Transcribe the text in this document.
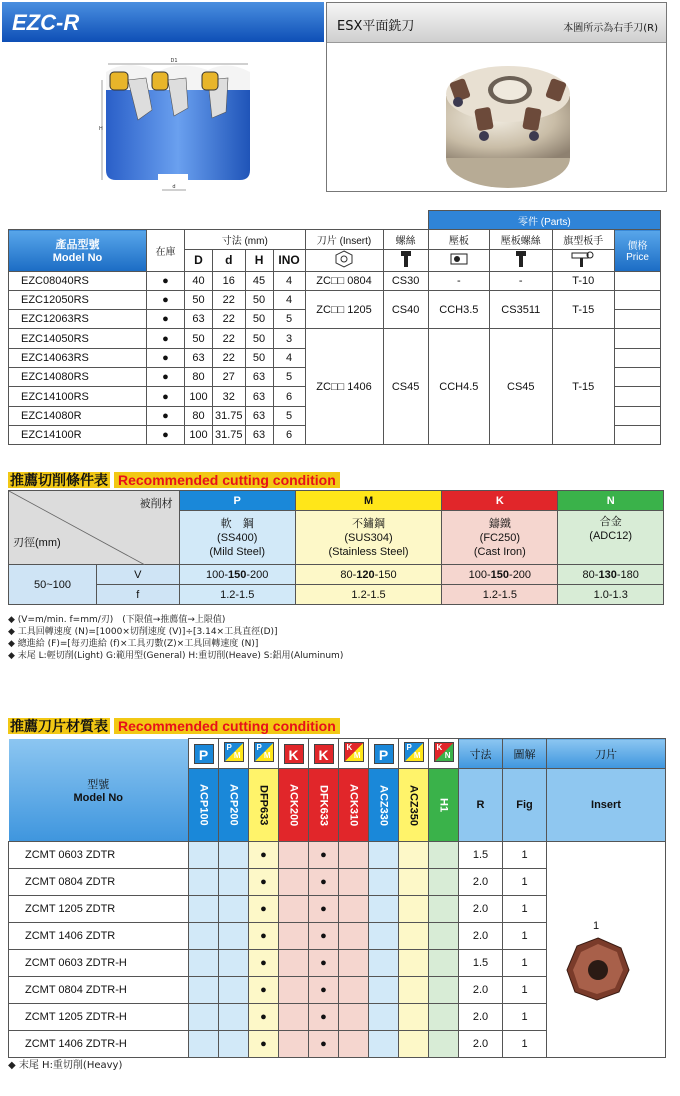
EZC-R	ESX平面銑刀	本圖所示為右手刀(R)
D1
H
d
								零件 (Parts)				
產品型號
Model No	在庫	寸法 (mm)				刀片 (Insert)	螺絲	壓板	壓板螺絲	旗型板手	價格
Price	
		D	d	H	INO					
EZC08040RS	●	40	16	45	4	ZC□□ 0804	CS30	-	-	T-10		
EZC12050RS	●	50	22	50	4	ZC□□ 1205	CS40	CCH3.5	CS3511	T-15		
EZC12063RS	●	63	22	50	5							
EZC14050RS	●	50	22	50	3	ZC□□ 1406	CS45	CCH4.5	CS45	T-15		
EZC14063RS	●	63	22	50	4							
EZC14080RS	●	80	27	63	5							
EZC14100RS	●	100	32	63	6							
EZC14080R	●	80	31.75	63	5							
EZC14100R	●	100	31.75	63	6							
推薦切削條件表 Recommended cutting condition
被削材
刃徑(mm)		P	M	K	N
		軟　鋼
(SS400)
(Mild Steel)	不鏽鋼
(SUS304)
(Stainless Steel)	鑄鐵
(FC250)
(Cast Iron)	合金
(ADC12)

50~100	V	100-150-200	80-120-150	100-150-200	80-130-180
	f	1.2-1.5	1.2-1.5	1.2-1.5	1.0-1.3
◆ (V=m/min. f=mm/刃)　(下限值→推薦值→上限值)
◆ 工具回轉速度 (N)=[1000×切削速度 (V)]÷[3.14×工具直徑(D)]
◆ 總進給 (F)=[每刃進給 (f)×工具刃數(Z)×工具回轉速度 (N)]
◆ 末尾 L:輕切削(Light) G:範用型(General) H:重切削(Heave) S:鋁用(Aluminum)
推薦刀片材質表 Recommended cutting condition
型號
Model No	P	P
M	P
M	K	K	K
M	P	P
M	K
N	寸法	圖解	刀片

	ACP100	ACP200	DFP633	ACK200	DFK633	ACK310	ACZ330	ACZ350	H1	R	Fig	Insert
ZCMT 0603 ZDTR			●		●					1.5	1	1

ZCMT 0804 ZDTR			●		●					2.0	1	
ZCMT 1205 ZDTR			●		●					2.0	1	
ZCMT 1406 ZDTR			●		●					2.0	1	
ZCMT 0603 ZDTR-H			●		●					1.5	1	
ZCMT 0804 ZDTR-H			●		●					2.0	1	
ZCMT 1205 ZDTR-H			●		●					2.0	1	
ZCMT 1406 ZDTR-H			●		●					2.0	1	
◆ 末尾 H:重切削(Heavy)
